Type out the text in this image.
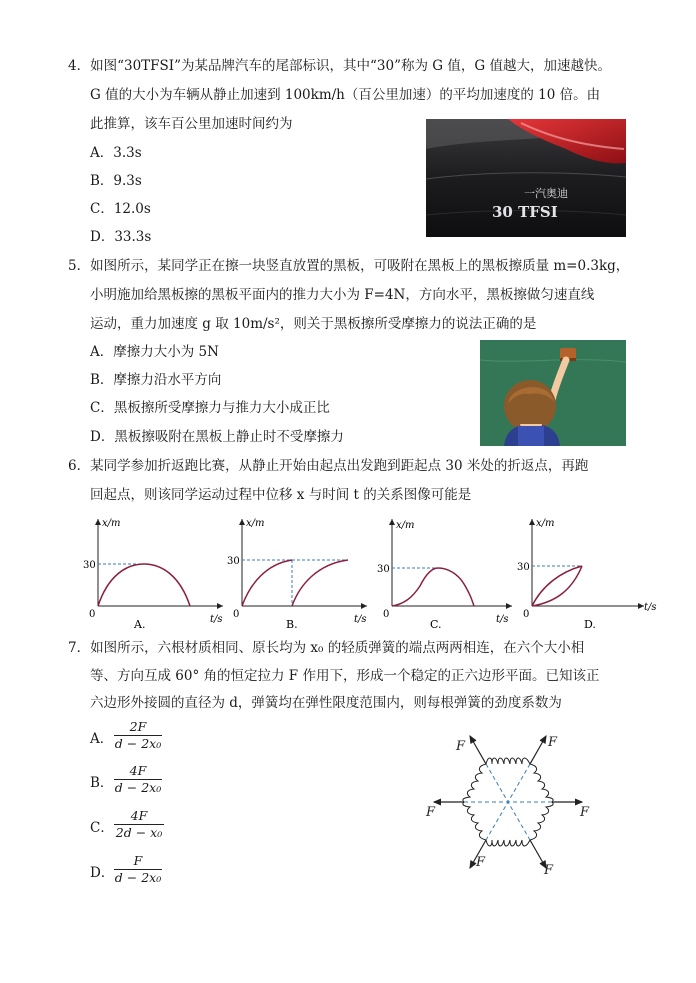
4．如图“30TFSI”为某品牌汽车的尾部标识，其中“30”称为 G 值，G 值越大，加速越快。
G 值的大小为车辆从静止加速到 100km/h（百公里加速）的平均加速度的 10 倍。由
此推算，该车百公里加速时间约为
A．3.3s
B．9.3s
C．12.0s
D．33.3s
一汽奥迪
30 TFSI
5．如图所示，某同学正在擦一块竖直放置的黑板，可吸附在黑板上的黑板擦质量 m=0.3kg，
小明施加给黑板擦的黑板平面内的推力大小为 F=4N，方向水平，黑板擦做匀速直线
运动，重力加速度 g 取 10m/s²，则关于黑板擦所受摩擦力的说法正确的是
A．摩擦力大小为 5N
B．摩擦力沿水平方向
C．黑板擦所受摩擦力与推力大小成正比
D．黑板擦吸附在黑板上静止时不受摩擦力
6．某同学参加折返跑比赛，从静止开始由起点出发跑到距起点 30 米处的折返点，再跑
回起点，则该同学运动过程中位移 x 与时间 t 的关系图像可能是
x/m
t/s
30
0
A.
x/m
t/s
30
0
B.
x/m
t/s
30
0
C.
x/m
t/s
30
0
D.
7．如图所示，六根材质相同、原长均为 x₀ 的轻质弹簧的端点两两相连，在六个大小相
等、方向互成 60° 角的恒定拉力 F 作用下，形成一个稳定的正六边形平面。已知该正
六边形外接圆的直径为 d，弹簧均在弹性限度范围内，则每根弹簧的劲度系数为
A． $\frac{2F}{\text{d − 2x₀}}$
B． $\frac{4F}{\text{d − 2x₀}}$
C． $\frac{4F}{\text{2d − x₀}}$
D． $\frac{F}{\text{d − 2x₀}}$
F	F
F	F
F
F
